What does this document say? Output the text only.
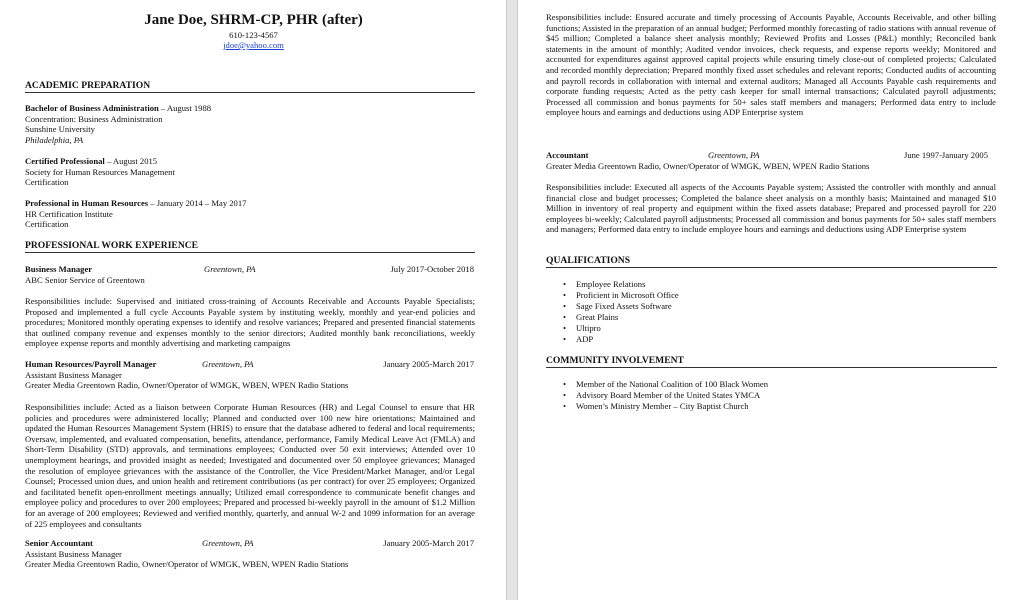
Jane Doe, SHRM-CP, PHR (after)
610-123-4567
jdoe@yahoo.com
ACADEMIC PREPARATION
Bachelor of Business Administration – August 1988
Concentration: Business Administration
Sunshine University
Philadelphia, PA
Certified Professional – August 2015
Society for Human Resources Management
Certification
Professional in Human Resources – January 2014 – May 2017
HR Certification Institute
Certification
PROFESSIONAL WORK EXPERIENCE
Business Manager	Greentown, PA	July 2017-October 2018
ABC Senior Service of Greentown
Responsibilities include: Supervised and initiated cross-training of Accounts Receivable and Accounts Payable Specialists; Proposed and implemented a full cycle Accounts Payable system by instituting weekly, monthly and year-end policies and procedures; Monitored monthly operating expenses to identify and resolve variances; Prepared and presented financial statements that outlined company revenue and expenses monthly to the senior directors; Audited monthly bank reconciliations, weekly employee expense reports and monthly advertising and marketing campaigns
Human Resources/Payroll Manager	Greentown, PA	January 2005-March 2017
Assistant Business Manager
Greater Media Greentown Radio, Owner/Operator of WMGK, WBEN, WPEN Radio Stations
Responsibilities include: Acted as a liaison between Corporate Human Resources (HR) and Legal Counsel to ensure that HR policies and procedures were administered locally; Planned and conducted over 100 new hire orientations; Maintained and updated the Human Resources Management System (HRIS) to ensure that the database adhered to federal and local requirements; Oversaw, implemented, and evaluated compensation, benefits, attendance, performance, Family Medical Leave Act (FMLA) and Short-Term Disability (STD) approvals, and terminations employees; Conducted over 50 exit interviews; Attended over 10 unemployment hearings, and provided insight as needed; Investigated and documented over 50 employee grievances; Managed the resolution of employee grievances with the assistance of the Controller, the Vice President/Market Manager, and/or Legal Counsel; Processed union dues, and union health and retirement contributions (as per contract) for over 25 employees; Organized and facilitated benefit open-enrollment meetings annually; Utilized email correspondence to communicate benefit changes and employee policy and procedures to over 200 employees; Prepared and processed bi-weekly payroll in the amount of $1.2 Million for an average of 200 employees; Reviewed and verified monthly, quarterly, and annual W-2 and 1099 information for an average of 225 employees and consultants
Senior Accountant	Greentown, PA	January 2005-March 2017
Assistant Business Manager
Greater Media Greentown Radio, Owner/Operator of WMGK, WBEN, WPEN Radio Stations
Responsibilities include: Ensured accurate and timely processing of Accounts Payable, Accounts Receivable, and other billing functions; Assisted in the preparation of an annual budget; Performed monthly forecasting of radio stations with annual revenue of $45 million; Completed a balance sheet analysis monthly; Reviewed Profits and Losses (P&L) monthly; Reconciled bank statements in the amount of monthly; Audited vendor invoices, check requests, and expense reports weekly; Monitored and accounted for expenditures against approved capital projects while ensuring timely close-out of completed projects; Calculated and recorded monthly depreciation; Prepared monthly fixed asset schedules and relevant reports; Conducted audits of accounting and payroll records in collaboration with internal and external auditors; Managed all Accounts Payable cash requirements and corporate funding requests; Acted as the petty cash keeper for small internal transactions; Calculated payroll adjustments; Processed all commission and bonus payments for 50+ sales staff members and managers; Performed data entry to include employee hours and earnings and deductions using ADP Enterprise system
Accountant	Greentown, PA	June 1997-January 2005
Greater Media Greentown Radio, Owner/Operator of WMGK, WBEN, WPEN Radio Stations
Responsibilities include: Executed all aspects of the Accounts Payable system; Assisted the controller with monthly and annual financial close and budget processes; Completed the balance sheet analysis on a monthly basis; Maintained and managed $10 Million in inventory of real property and equipment within the fixed assets database; Prepared and processed payroll for 220 employees bi-weekly; Calculated payroll adjustments; Processed all commission and bonus payments for 50+ sales staff members and managers; Performed data entry to include employee hours and earnings and deductions using ADP Enterprise system
QUALIFICATIONS
• Employee Relations
• Proficient in Microsoft Office
• Sage Fixed Assets Software
• Great Plains
• Ultipro
• ADP
COMMUNITY INVOLVEMENT
• Member of the National Coalition of 100 Black Women
• Advisory Board Member of the United States YMCA
• Women’s Ministry Member – City Baptist Church
